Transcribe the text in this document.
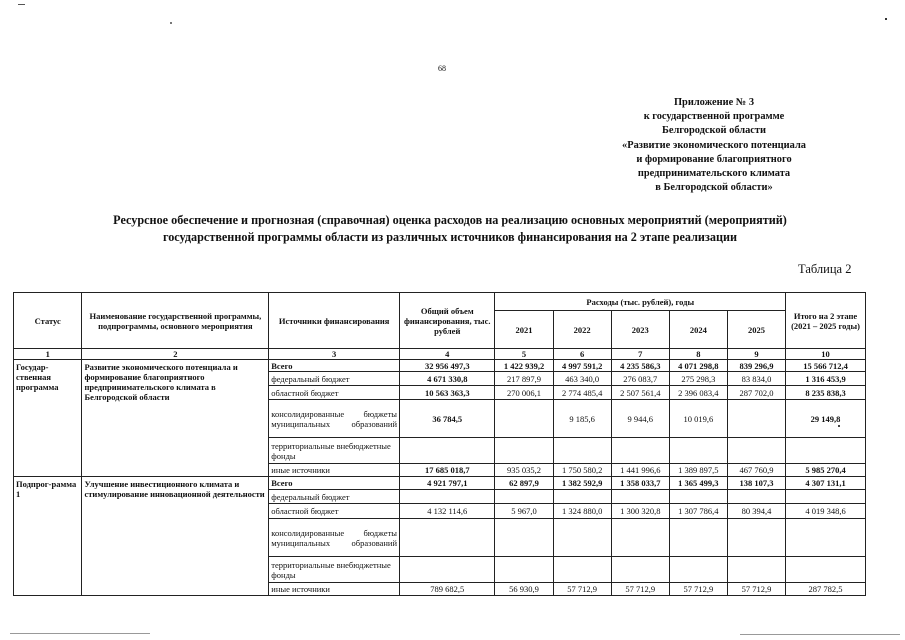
68
Приложение № 3
к государственной программе
Белгородской области
«Развитие экономического потенциала
и формирование благоприятного
предпринимательского климата
в Белгородской области»
Ресурсное обеспечение и прогнозная (справочная) оценка расходов на реализацию основных мероприятий (мероприятий)
государственной программы области из различных источников финансирования на 2 этапе реализации
Таблица 2
Статус	Наименование государственной программы, подпрограммы, основного мероприятия	Источники финансирования	Общий объем финансирования, тыс. рублей	Расходы (тыс. рублей), годы					Итого на 2 этапе (2021 – 2025 годы)
				2021	2022	2023	2024	2025	
1	2	3	4	5	6	7	8	9	10
Государ-ственная программа	Развитие экономического потенциала и формирование благоприятного предпринимательского климата в Белгородской области	Всего	32 956 497,3	1 422 939,2	4 997 591,2	4 235 586,3	4 071 298,8	839 296,9	15 566 712,4
		федеральный бюджет	4 671 330,8	217 897,9	463 340,0	276 083,7	275 298,3	83 834,0	1 316 453,9
		областной бюджет	10 563 363,3	270 006,1	2 774 485,4	2 507 561,4	2 396 083,4	287 702,0	8 235 838,3
		консолидированные бюджеты муниципальных образований	36 784,5		9 185,6	9 944,6	10 019,6		29 149,8
		территориальные внебюджетные фонды							
		иные источники	17 685 018,7	935 035,2	1 750 580,2	1 441 996,6	1 389 897,5	467 760,9	5 985 270,4
Подпрог-рамма 1	Улучшение инвестиционного климата и стимулирование инновационной деятельности	Всего	4 921 797,1	62 897,9	1 382 592,9	1 358 033,7	1 365 499,3	138 107,3	4 307 131,1
		федеральный бюджет							
		областной бюджет	4 132 114,6	5 967,0	1 324 880,0	1 300 320,8	1 307 786,4	80 394,4	4 019 348,6
		консолидированные бюджеты муниципальных образований							
		территориальные внебюджетные фонды							
		иные источники	789 682,5	56 930,9	57 712,9	57 712,9	57 712,9	57 712,9	287 782,5
